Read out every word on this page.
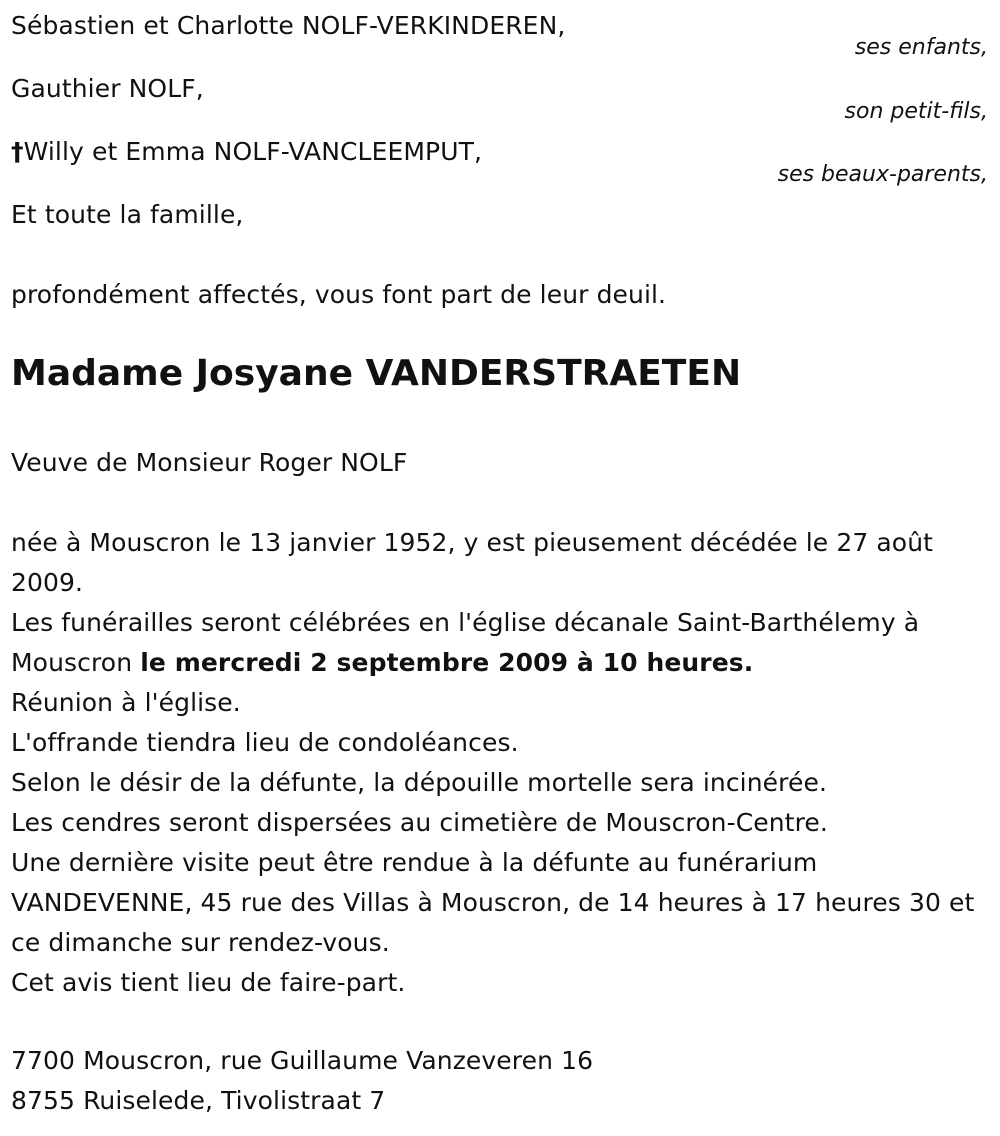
Sébastien et Charlotte NOLF-VERKINDEREN,
ses enfants,
Gauthier NOLF,
son petit-fils,
†Willy et Emma NOLF-VANCLEEMPUT,
ses beaux-parents,
Et toute la famille,
profondément affectés, vous font part de leur deuil.
Madame Josyane VANDERSTRAETEN
Veuve de Monsieur Roger NOLF
née à Mouscron le 13 janvier 1952, y est pieusement décédée le 27 août 2009.
Les funérailles seront célébrées en l'église décanale Saint-Barthélemy à Mouscron le mercredi 2 septembre 2009 à 10 heures.
Réunion à l'église.
L'offrande tiendra lieu de condoléances.
Selon le désir de la défunte, la dépouille mortelle sera incinérée.
Les cendres seront dispersées au cimetière de Mouscron-Centre.
Une dernière visite peut être rendue à la défunte au funérarium VANDEVENNE, 45 rue des Villas à Mouscron, de 14 heures à 17 heures 30 et ce dimanche sur rendez-vous.
Cet avis tient lieu de faire-part.
7700 Mouscron, rue Guillaume Vanzeveren 16
8755 Ruiselede, Tivolistraat 7
